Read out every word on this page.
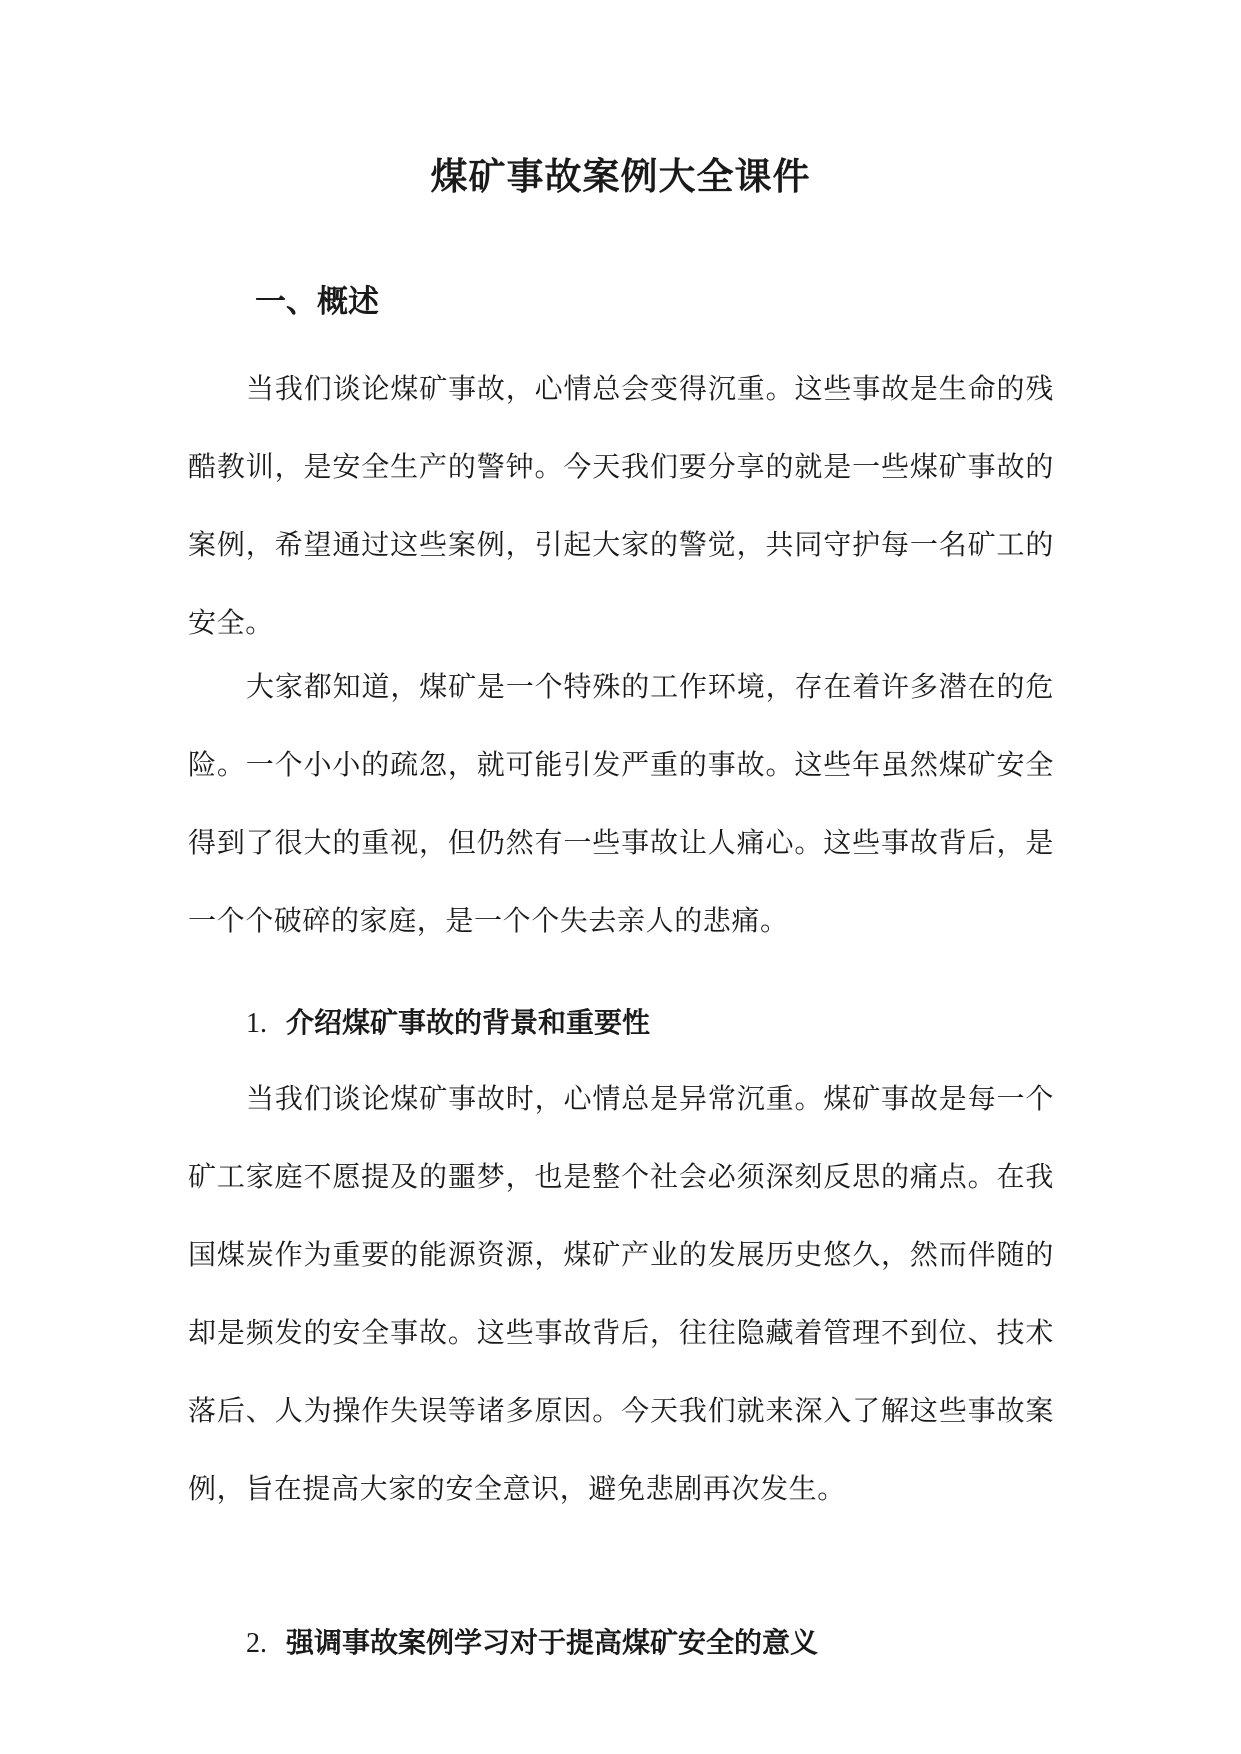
煤矿事故案例大全课件
一、概述

当我们谈论煤矿事故，心情总会变得沉重。这些事故是生命的残酷教训，是安全生产的警钟。今天我们要分享的就是一些煤矿事故的案例，希望通过这些案例，引起大家的警觉，共同守护每一名矿工的安全。

大家都知道，煤矿是一个特殊的工作环境，存在着许多潜在的危险。一个小小的疏忽，就可能引发严重的事故。这些年虽然煤矿安全得到了很大的重视，但仍然有一些事故让人痛心。这些事故背后，是一个个破碎的家庭，是一个个失去亲人的悲痛。

1. 介绍煤矿事故的背景和重要性

当我们谈论煤矿事故时，心情总是异常沉重。煤矿事故是每一个矿工家庭不愿提及的噩梦，也是整个社会必须深刻反思的痛点。在我国煤炭作为重要的能源资源，煤矿产业的发展历史悠久，然而伴随的却是频发的安全事故。这些事故背后，往往隐藏着管理不到位、技术落后、人为操作失误等诸多原因。今天我们就来深入了解这些事故案例，旨在提高大家的安全意识，避免悲剧再次发生。

2. 强调事故案例学习对于提高煤矿安全的意义
